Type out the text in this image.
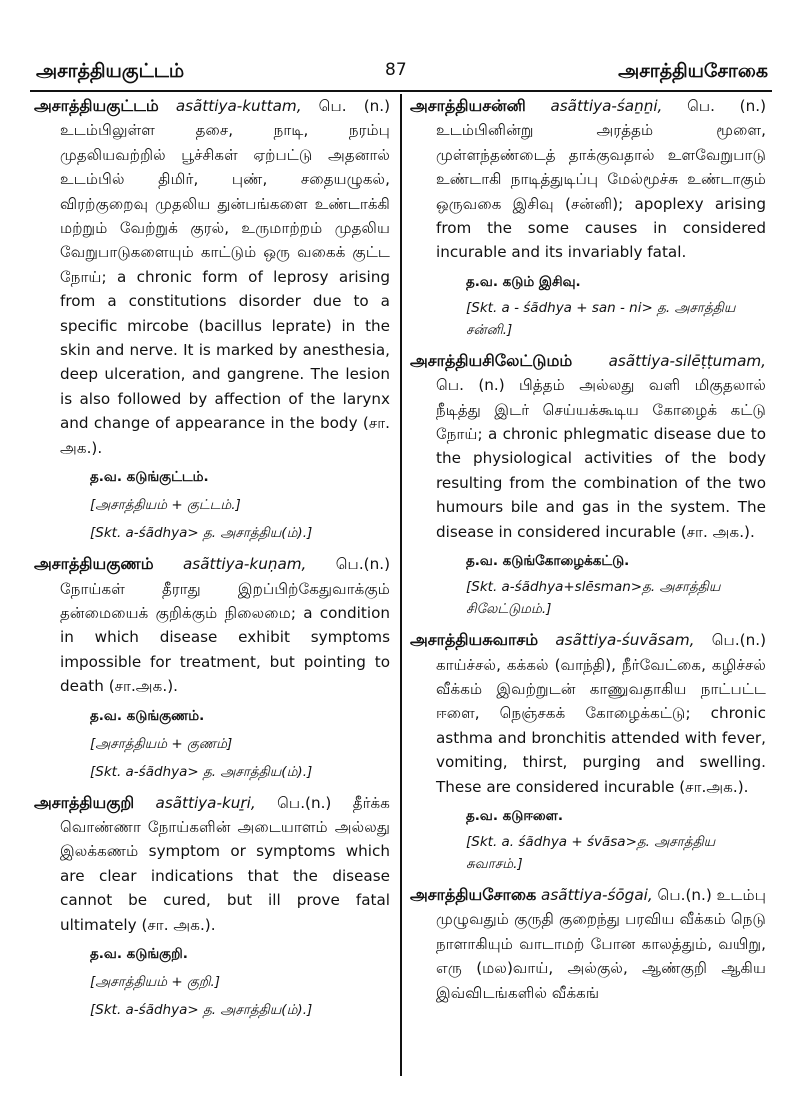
அசாத்தியகுட்டம்	87	அசாத்தியசோகை
அசாத்தியகுட்டம் asãttiya-kuttam, பெ. (n.) உடம்பிலுள்ள தசை, நாடி, நரம்பு முதலியவற்றில் பூச்சிகள் ஏற்பட்டு அதனால் உடம்பில் திமிர், புண், சதையழுகல், விரற்குறைவு முதலிய துன்பங்களை உண்டாக்கி மற்றும் வேற்றுக் குரல், உருமாற்றம் முதலிய வேறுபாடுகளையும் காட்டும் ஒரு வகைக் குட்ட நோய்; a chronic form of leprosy arising from a constitutions disorder due to a specific mircobe (bacillus leprate) in the skin and nerve. It is marked by anesthesia, deep ulceration, and gangrene. The lesion is also followed by affection of the larynx and change of appearance in the body (சா. அக.).
த.வ. கடுங்குட்டம்.
[அசாத்தியம் + குட்டம்.]
[Skt. a-śãdhya> த. அசாத்திய(ம்).]
அசாத்தியகுணம் asãttiya-kuṇam, பெ.(n.) நோய்கள் தீராது இறப்பிற்கேதுவாக்கும் தன்மையைக் குறிக்கும் நிலைமை; a condition in which disease exhibit symptoms impossible for treatment, but pointing to death (சா.அக.).
த.வ. கடுங்குணம்.
[அசாத்தியம் + குணம்]
[Skt. a-śãdhya> த. அசாத்திய(ம்).]
அசாத்தியகுறி asãttiya-kuṟi, பெ.(n.) தீர்க்க வொண்ணா நோய்களின் அடையாளம் அல்லது இலக்கணம் symptom or symptoms which are clear indications that the disease cannot be cured, but ill prove fatal ultimately (சா. அக.).
த.வ. கடுங்குறி.
[அசாத்தியம் + குறி.]
[Skt. a-śãdhya> த. அசாத்திய(ம்).]
அசாத்தியசன்னி asãttiya-śaṉṉi, பெ. (n.) உடம்பினின்று அரத்தம் மூளை, முள்ளந்தண்டைத் தாக்குவதால் உளவேறுபாடு உண்டாகி நாடித்துடிப்பு மேல்மூச்சு உண்டாகும் ஒருவகை இசிவு (சன்னி); apoplexy arising from the some causes in considered incurable and its invariably fatal.
த.வ. கடும் இசிவு.
[Skt. a - śãdhya + san - ni> த. அசாத்திய சன்னி.]
அசாத்தியசிலேட்டுமம் asãttiya-silēṭṭumam, பெ. (n.) பித்தம் அல்லது வளி மிகுதலால் நீடித்து இடர் செய்யக்கூடிய கோழைக் கட்டு நோய்; a chronic phlegmatic disease due to the physiological activities of the body resulting from the combination of the two humours bile and gas in the system. The disease in considered incurable (சா. அக.).
த.வ. கடுங்கோழைக்கட்டு.
[Skt. a-śãdhya+slēsman>த. அசாத்திய சிலேட்டுமம்.]
அசாத்தியசுவாசம் asãttiya-śuvãsam, பெ.(n.) காய்ச்சல், கக்கல் (வாந்தி), நீர்வேட்கை, கழிச்சல் வீக்கம் இவற்றுடன் காணுவதாகிய நாட்பட்ட ஈளை, நெஞ்சகக் கோழைக்கட்டு; chronic asthma and bronchitis attended with fever, vomiting, thirst, purging and swelling. These are considered incurable (சா.அக.).
த.வ. கடுஈளை.
[Skt. a. śãdhya + śvãsa>த. அசாத்திய சுவாசம்.]
அசாத்தியசோகை asãttiya-śōgai, பெ.(n.) உடம்பு முழுவதும் குருதி குறைந்து பரவிய வீக்கம் நெடு நாளாகியும் வாடாமற் போன காலத்தும், வயிறு, எரு (மல)வாய், அல்குல், ஆண்குறி ஆகிய இவ்விடங்களில் வீக்கங்
